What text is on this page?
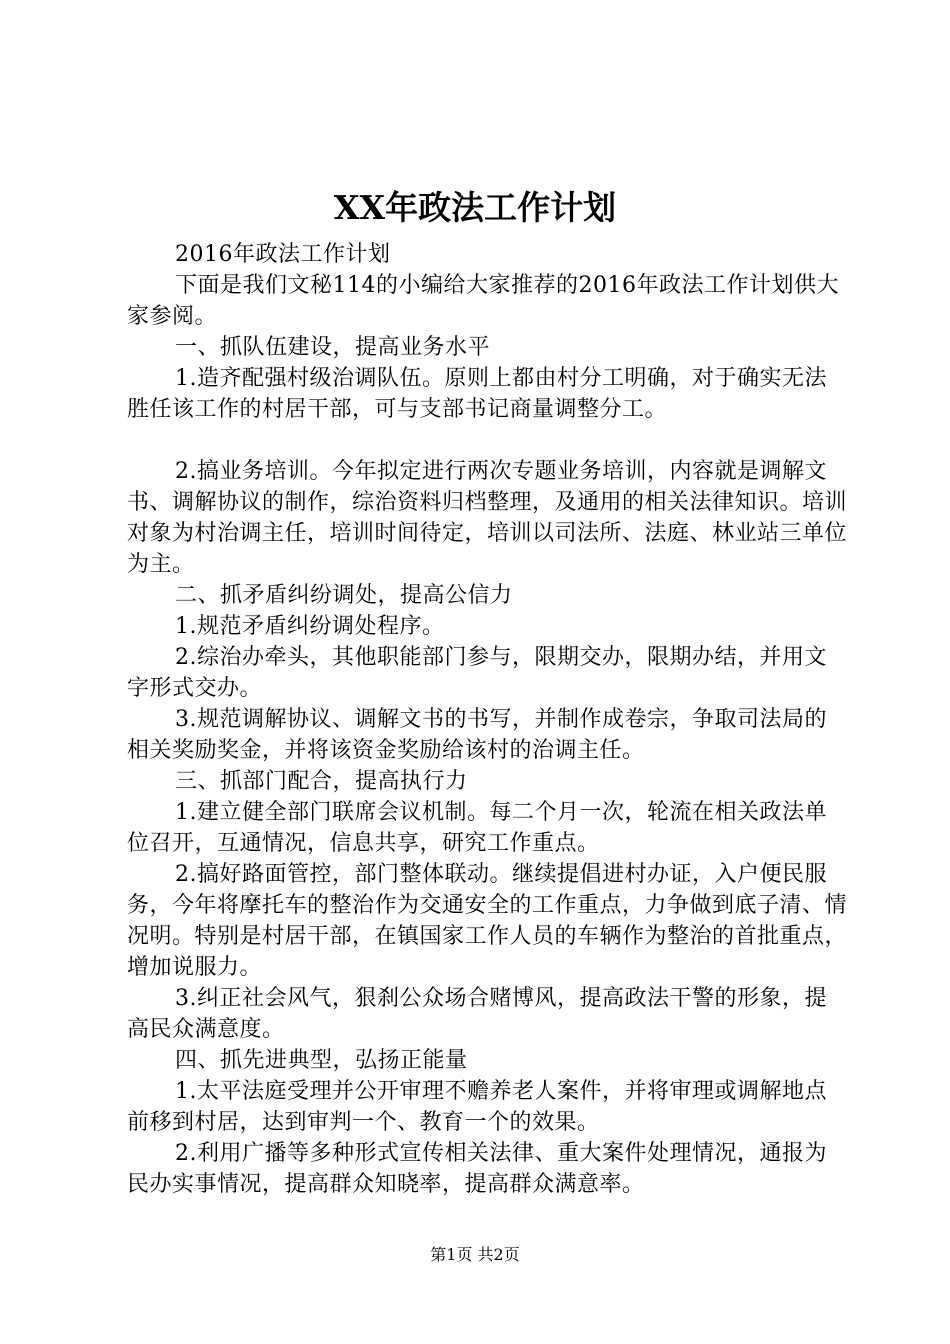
XX年政法工作计划

2016年政法工作计划

下面是我们文秘114的小编给大家推荐的2016年政法工作计划供大家参阅。

一、抓队伍建设，提高业务水平

1.造齐配强村级治调队伍。原则上都由村分工明确，对于确实无法胜任该工作的村居干部，可与支部书记商量调整分工。

2.搞业务培训。今年拟定进行两次专题业务培训，内容就是调解文书、调解协议的制作，综治资料归档整理，及通用的相关法律知识。培训对象为村治调主任，培训时间待定，培训以司法所、法庭、林业站三单位为主。

二、抓矛盾纠纷调处，提高公信力

1.规范矛盾纠纷调处程序。

2.综治办牵头，其他职能部门参与，限期交办，限期办结，并用文字形式交办。

3.规范调解协议、调解文书的书写，并制作成卷宗，争取司法局的相关奖励奖金，并将该资金奖励给该村的治调主任。

三、抓部门配合，提高执行力

1.建立健全部门联席会议机制。每二个月一次，轮流在相关政法单位召开，互通情况，信息共享，研究工作重点。

2.搞好路面管控，部门整体联动。继续提倡进村办证，入户便民服务，今年将摩托车的整治作为交通安全的工作重点，力争做到底子清、情况明。特别是村居干部，在镇国家工作人员的车辆作为整治的首批重点，增加说服力。

3.纠正社会风气，狠刹公众场合赌博风，提高政法干警的形象，提高民众满意度。

四、抓先进典型，弘扬正能量

1.太平法庭受理并公开审理不赡养老人案件，并将审理或调解地点前移到村居，达到审判一个、教育一个的效果。

2.利用广播等多种形式宣传相关法律、重大案件处理情况，通报为民办实事情况，提高群众知晓率，提高群众满意率。

第1页 共2页
